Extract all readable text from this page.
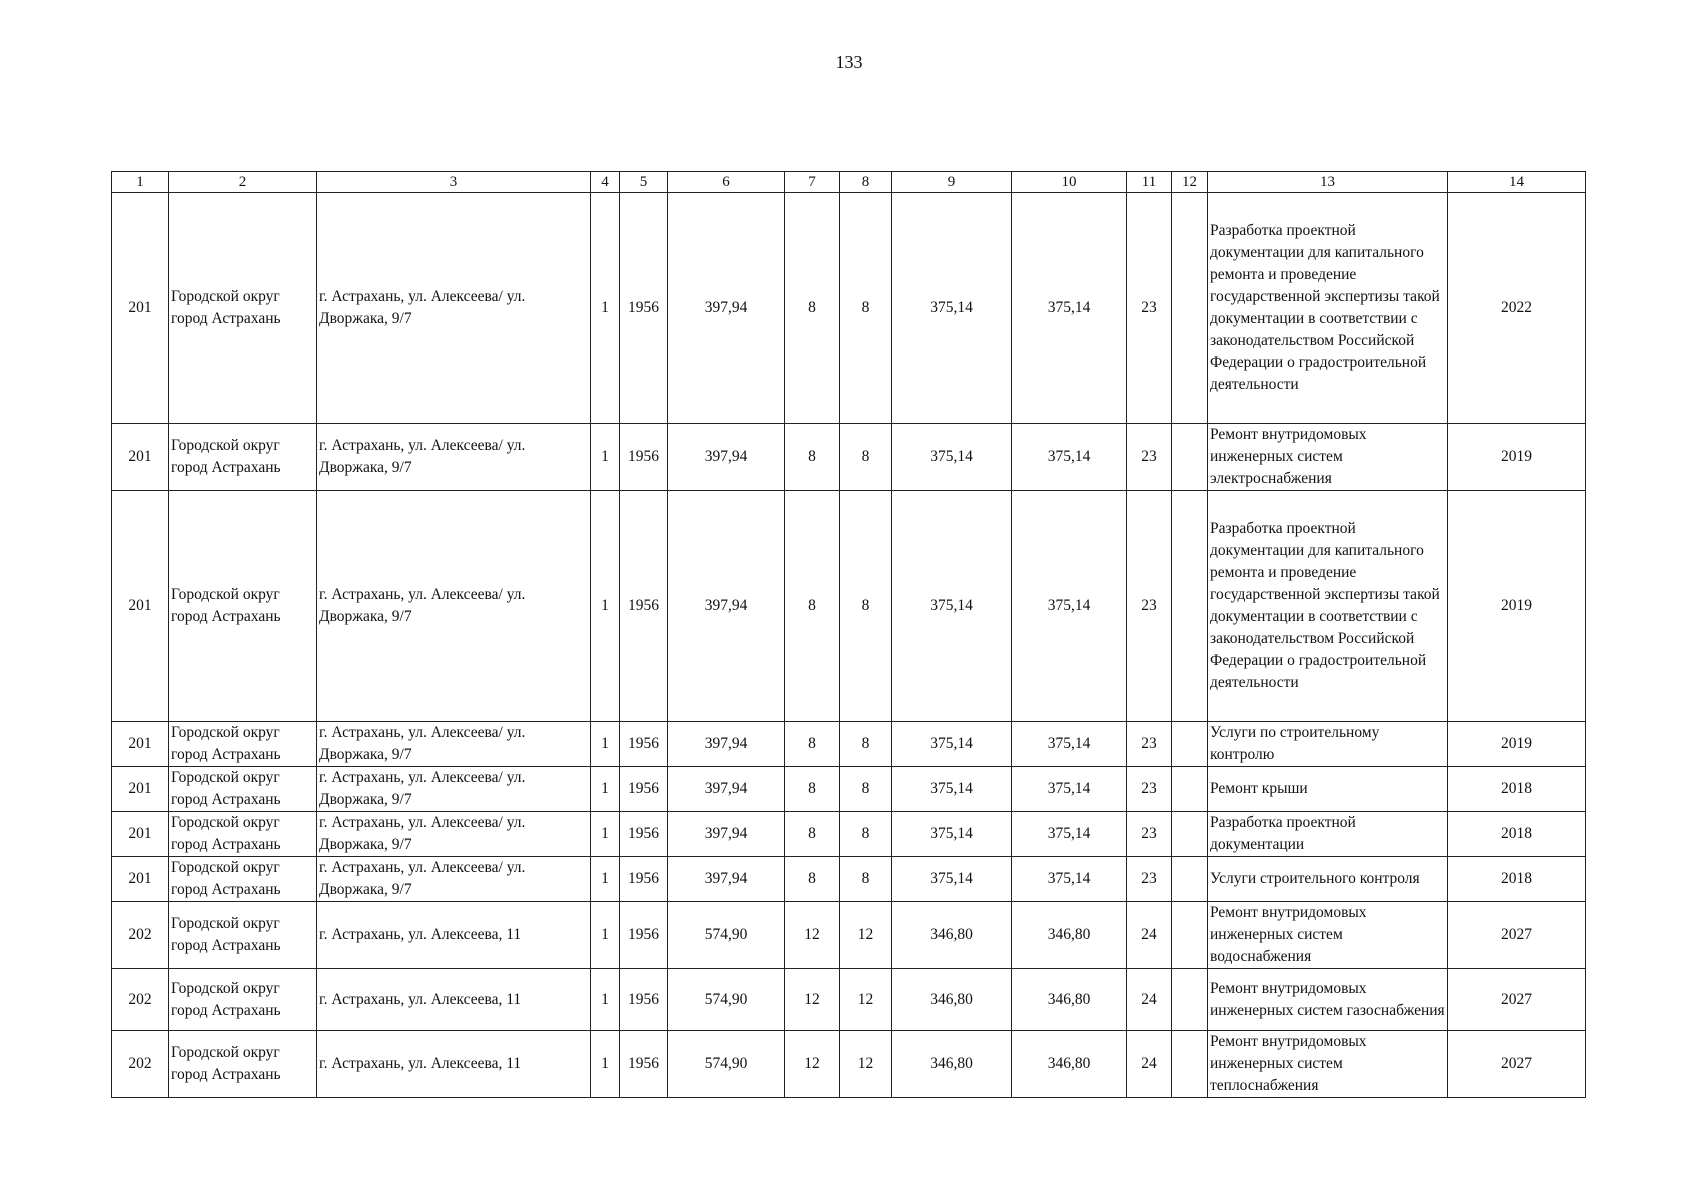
133
1	2	3	4	5	6	7	8	9	10	11	12	13	14
201	Городской округ город Астрахань	г. Астрахань, ул. Алексеева/ ул. Дворжака, 9/7	1	1956	397,94	8	8	375,14	375,14	23		Разработка проектной документации для капитального ремонта и проведение государственной экспертизы такой документации в соответствии с законодательством Российской Федерации о градостроительной деятельности	2022
201	Городской округ город Астрахань	г. Астрахань, ул. Алексеева/ ул. Дворжака, 9/7	1	1956	397,94	8	8	375,14	375,14	23		Ремонт внутридомовых инженерных систем электроснабжения	2019
201	Городской округ город Астрахань	г. Астрахань, ул. Алексеева/ ул. Дворжака, 9/7	1	1956	397,94	8	8	375,14	375,14	23		Разработка проектной документации для капитального ремонта и проведение государственной экспертизы такой документации в соответствии с законодательством Российской Федерации о градостроительной деятельности	2019
201	Городской округ город Астрахань	г. Астрахань, ул. Алексеева/ ул. Дворжака, 9/7	1	1956	397,94	8	8	375,14	375,14	23		Услуги по строительному контролю	2019
201	Городской округ город Астрахань	г. Астрахань, ул. Алексеева/ ул. Дворжака, 9/7	1	1956	397,94	8	8	375,14	375,14	23		Ремонт крыши	2018
201	Городской округ город Астрахань	г. Астрахань, ул. Алексеева/ ул. Дворжака, 9/7	1	1956	397,94	8	8	375,14	375,14	23		Разработка проектной документации	2018
201	Городской округ город Астрахань	г. Астрахань, ул. Алексеева/ ул. Дворжака, 9/7	1	1956	397,94	8	8	375,14	375,14	23		Услуги строительного контроля	2018
202	Городской округ город Астрахань	г. Астрахань, ул. Алексеева, 11	1	1956	574,90	12	12	346,80	346,80	24		Ремонт внутридомовых инженерных систем водоснабжения	2027
202	Городской округ город Астрахань	г. Астрахань, ул. Алексеева, 11	1	1956	574,90	12	12	346,80	346,80	24		Ремонт внутридомовых инженерных систем газоснабжения	2027
202	Городской округ город Астрахань	г. Астрахань, ул. Алексеева, 11	1	1956	574,90	12	12	346,80	346,80	24		Ремонт внутридомовых инженерных систем теплоснабжения	2027
